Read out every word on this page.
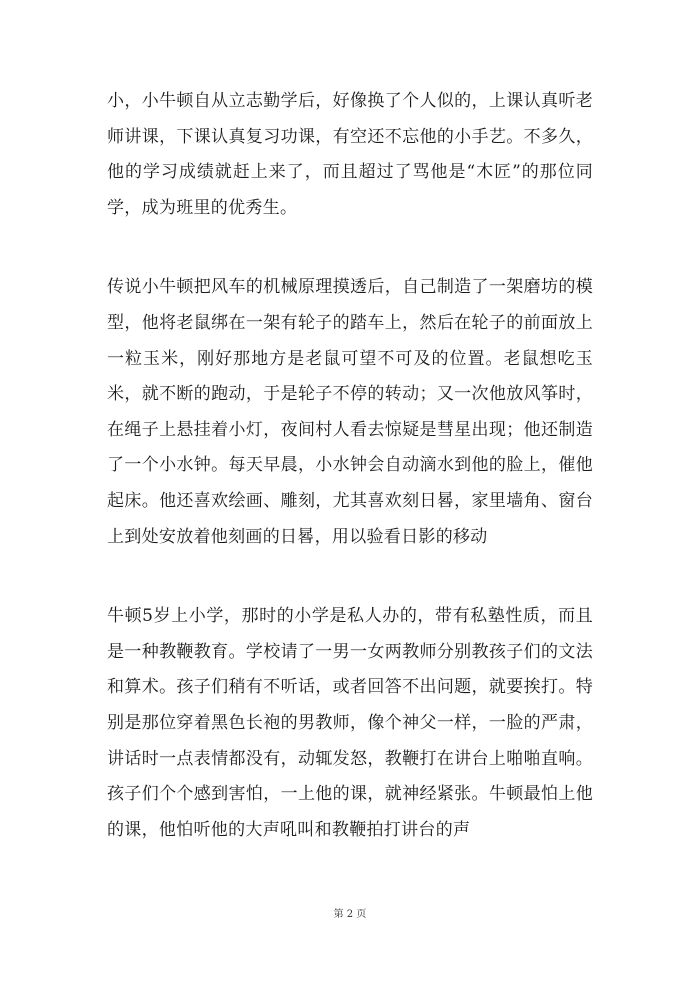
小，小牛顿自从立志勤学后，好像换了个人似的，上课认真听老师讲课，下课认真复习功课，有空还不忘他的小手艺。不多久，他的学习成绩就赶上来了，而且超过了骂他是“木匠”的那位同学，成为班里的优秀生。

传说小牛顿把风车的机械原理摸透后，自己制造了一架磨坊的模型，他将老鼠绑在一架有轮子的踏车上，然后在轮子的前面放上一粒玉米，刚好那地方是老鼠可望不可及的位置。老鼠想吃玉米，就不断的跑动，于是轮子不停的转动；又一次他放风筝时，在绳子上悬挂着小灯，夜间村人看去惊疑是彗星出现；他还制造了一个小水钟。每天早晨，小水钟会自动滴水到他的脸上，催他起床。他还喜欢绘画、雕刻，尤其喜欢刻日晷，家里墙角、窗台上到处安放着他刻画的日晷，用以验看日影的移动

牛顿5岁上小学，那时的小学是私人办的，带有私塾性质，而且是一种教鞭教育。学校请了一男一女两教师分别教孩子们的文法和算术。孩子们稍有不听话，或者回答不出问题，就要挨打。特别是那位穿着黑色长袍的男教师，像个神父一样，一脸的严肃，讲话时一点表情都没有，动辄发怒，教鞭打在讲台上啪啪直响。孩子们个个感到害怕，一上他的课，就神经紧张。牛顿最怕上他的课，他怕听他的大声吼叫和教鞭拍打讲台的声

第 2 页
